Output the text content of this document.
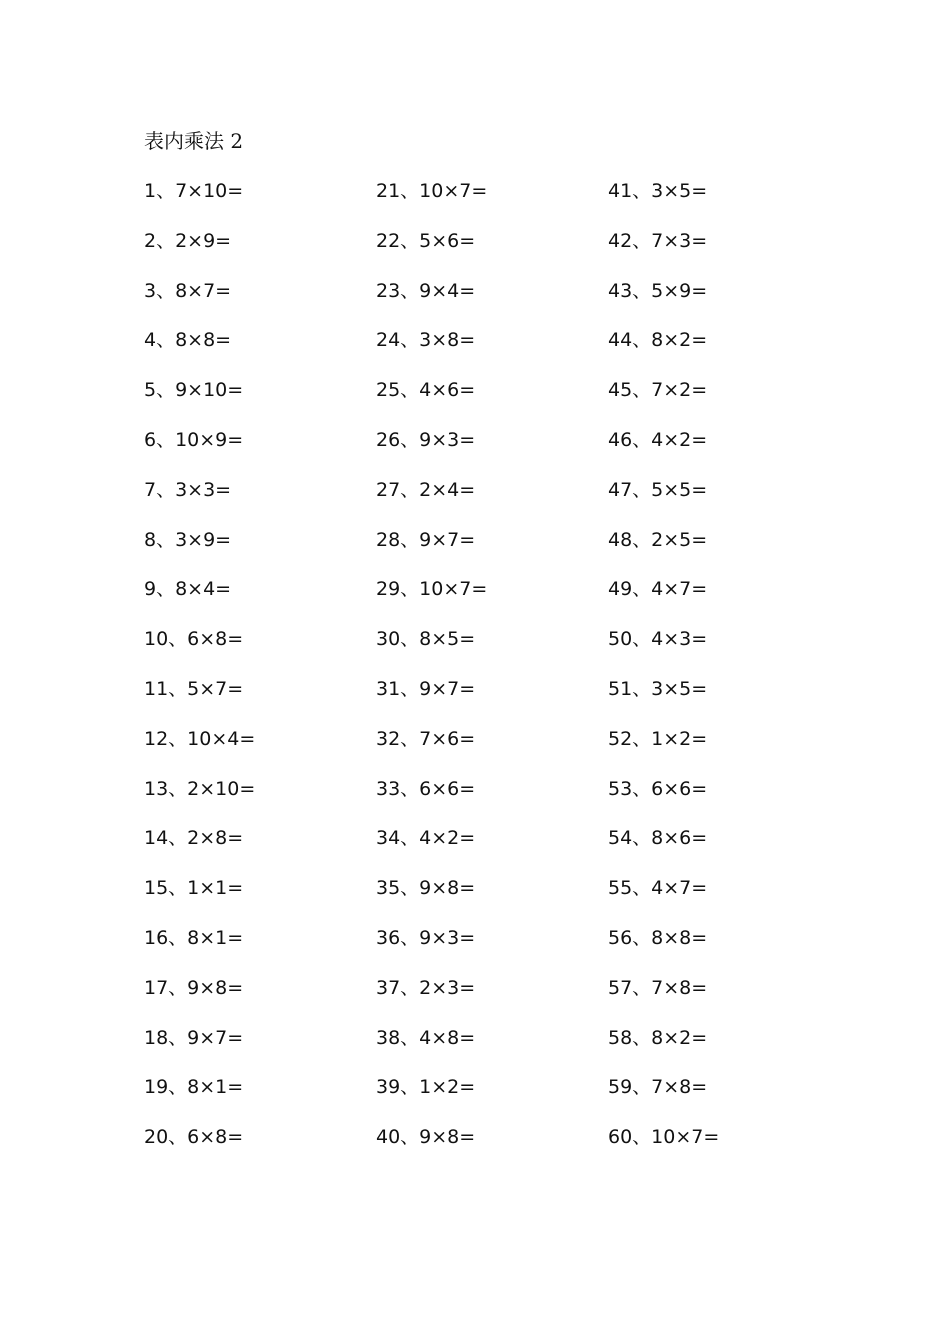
表内乘法 2
1、7×10=
2、2×9=
3、8×7=
4、8×8=
5、9×10=
6、10×9=
7、3×3=
8、3×9=
9、8×4=
10、6×8=
11、5×7=
12、10×4=
13、2×10=
14、2×8=
15、1×1=
16、8×1=
17、9×8=
18、9×7=
19、8×1=
20、6×8=
21、10×7=
22、5×6=
23、9×4=
24、3×8=
25、4×6=
26、9×3=
27、2×4=
28、9×7=
29、10×7=
30、8×5=
31、9×7=
32、7×6=
33、6×6=
34、4×2=
35、9×8=
36、9×3=
37、2×3=
38、4×8=
39、1×2=
40、9×8=
41、3×5=
42、7×3=
43、5×9=
44、8×2=
45、7×2=
46、4×2=
47、5×5=
48、2×5=
49、4×7=
50、4×3=
51、3×5=
52、1×2=
53、6×6=
54、8×6=
55、4×7=
56、8×8=
57、7×8=
58、8×2=
59、7×8=
60、10×7=
